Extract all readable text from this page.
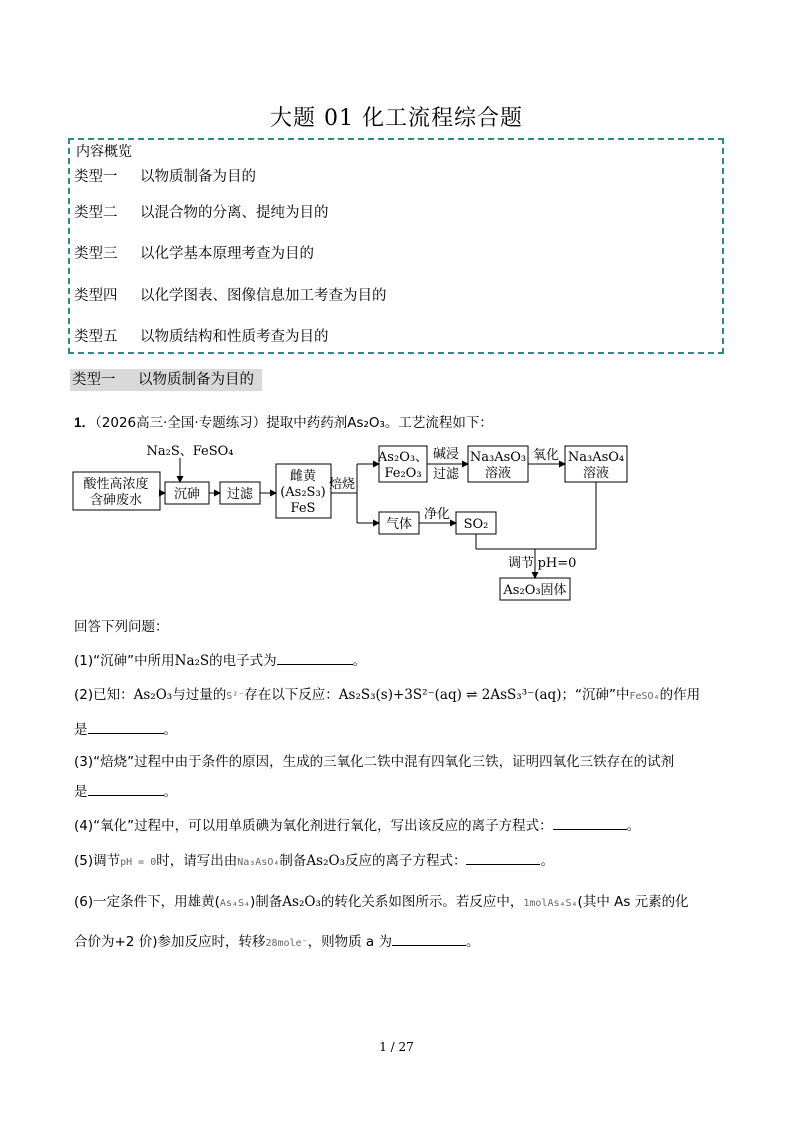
大题 01 化工流程综合题
内容概览
类型一 以物质制备为目的
类型二 以混合物的分离、提纯为目的
类型三 以化学基本原理考查为目的
类型四 以化学图表、图像信息加工考查为目的
类型五 以物质结构和性质考查为目的
类型一 以物质制备为目的
1．（2026高三·全国·专题练习）提取中药药剂As₂O₃。工艺流程如下：
酸性高浓度
含砷废水
Na₂S、FeSO₄
沉砷 过滤
雌黄
(As₂S₃)
FeS
焙烧
As₂O₃、
Fe₂O₃
碱浸
过滤
Na₃AsO₃
溶液
氧化 Na₃AsO₄
溶液
气体
净化
SO₂
调节 pH=0
As₂O₃固体
回答下列问题：
(1)“沉砷”中所用Na₂S的电子式为	。
(2)已知：As₂O₃与过量的S²⁻存在以下反应：As₂S₃(s)+3S²⁻(aq) ⇌ 2AsS₃³⁻(aq)；“沉砷”中FeSO₄的作用
是	。
(3)“焙烧”过程中由于条件的原因，生成的三氧化二铁中混有四氧化三铁，证明四氧化三铁存在的试剂
是	。
(4)“氧化”过程中，可以用单质碘为氧化剂进行氧化，写出该反应的离子方程式：	。
(5)调节pH = 0时，请写出由Na₃AsO₄制备As₂O₃反应的离子方程式：	。
(6)一定条件下，用雄黄(As₄S₄)制备As₂O₃的转化关系如图所示。若反应中，1molAs₄S₄(其中 As 元素的化
合价为+2 价)参加反应时，转移28mole⁻，则物质 a 为	。
1 / 27
